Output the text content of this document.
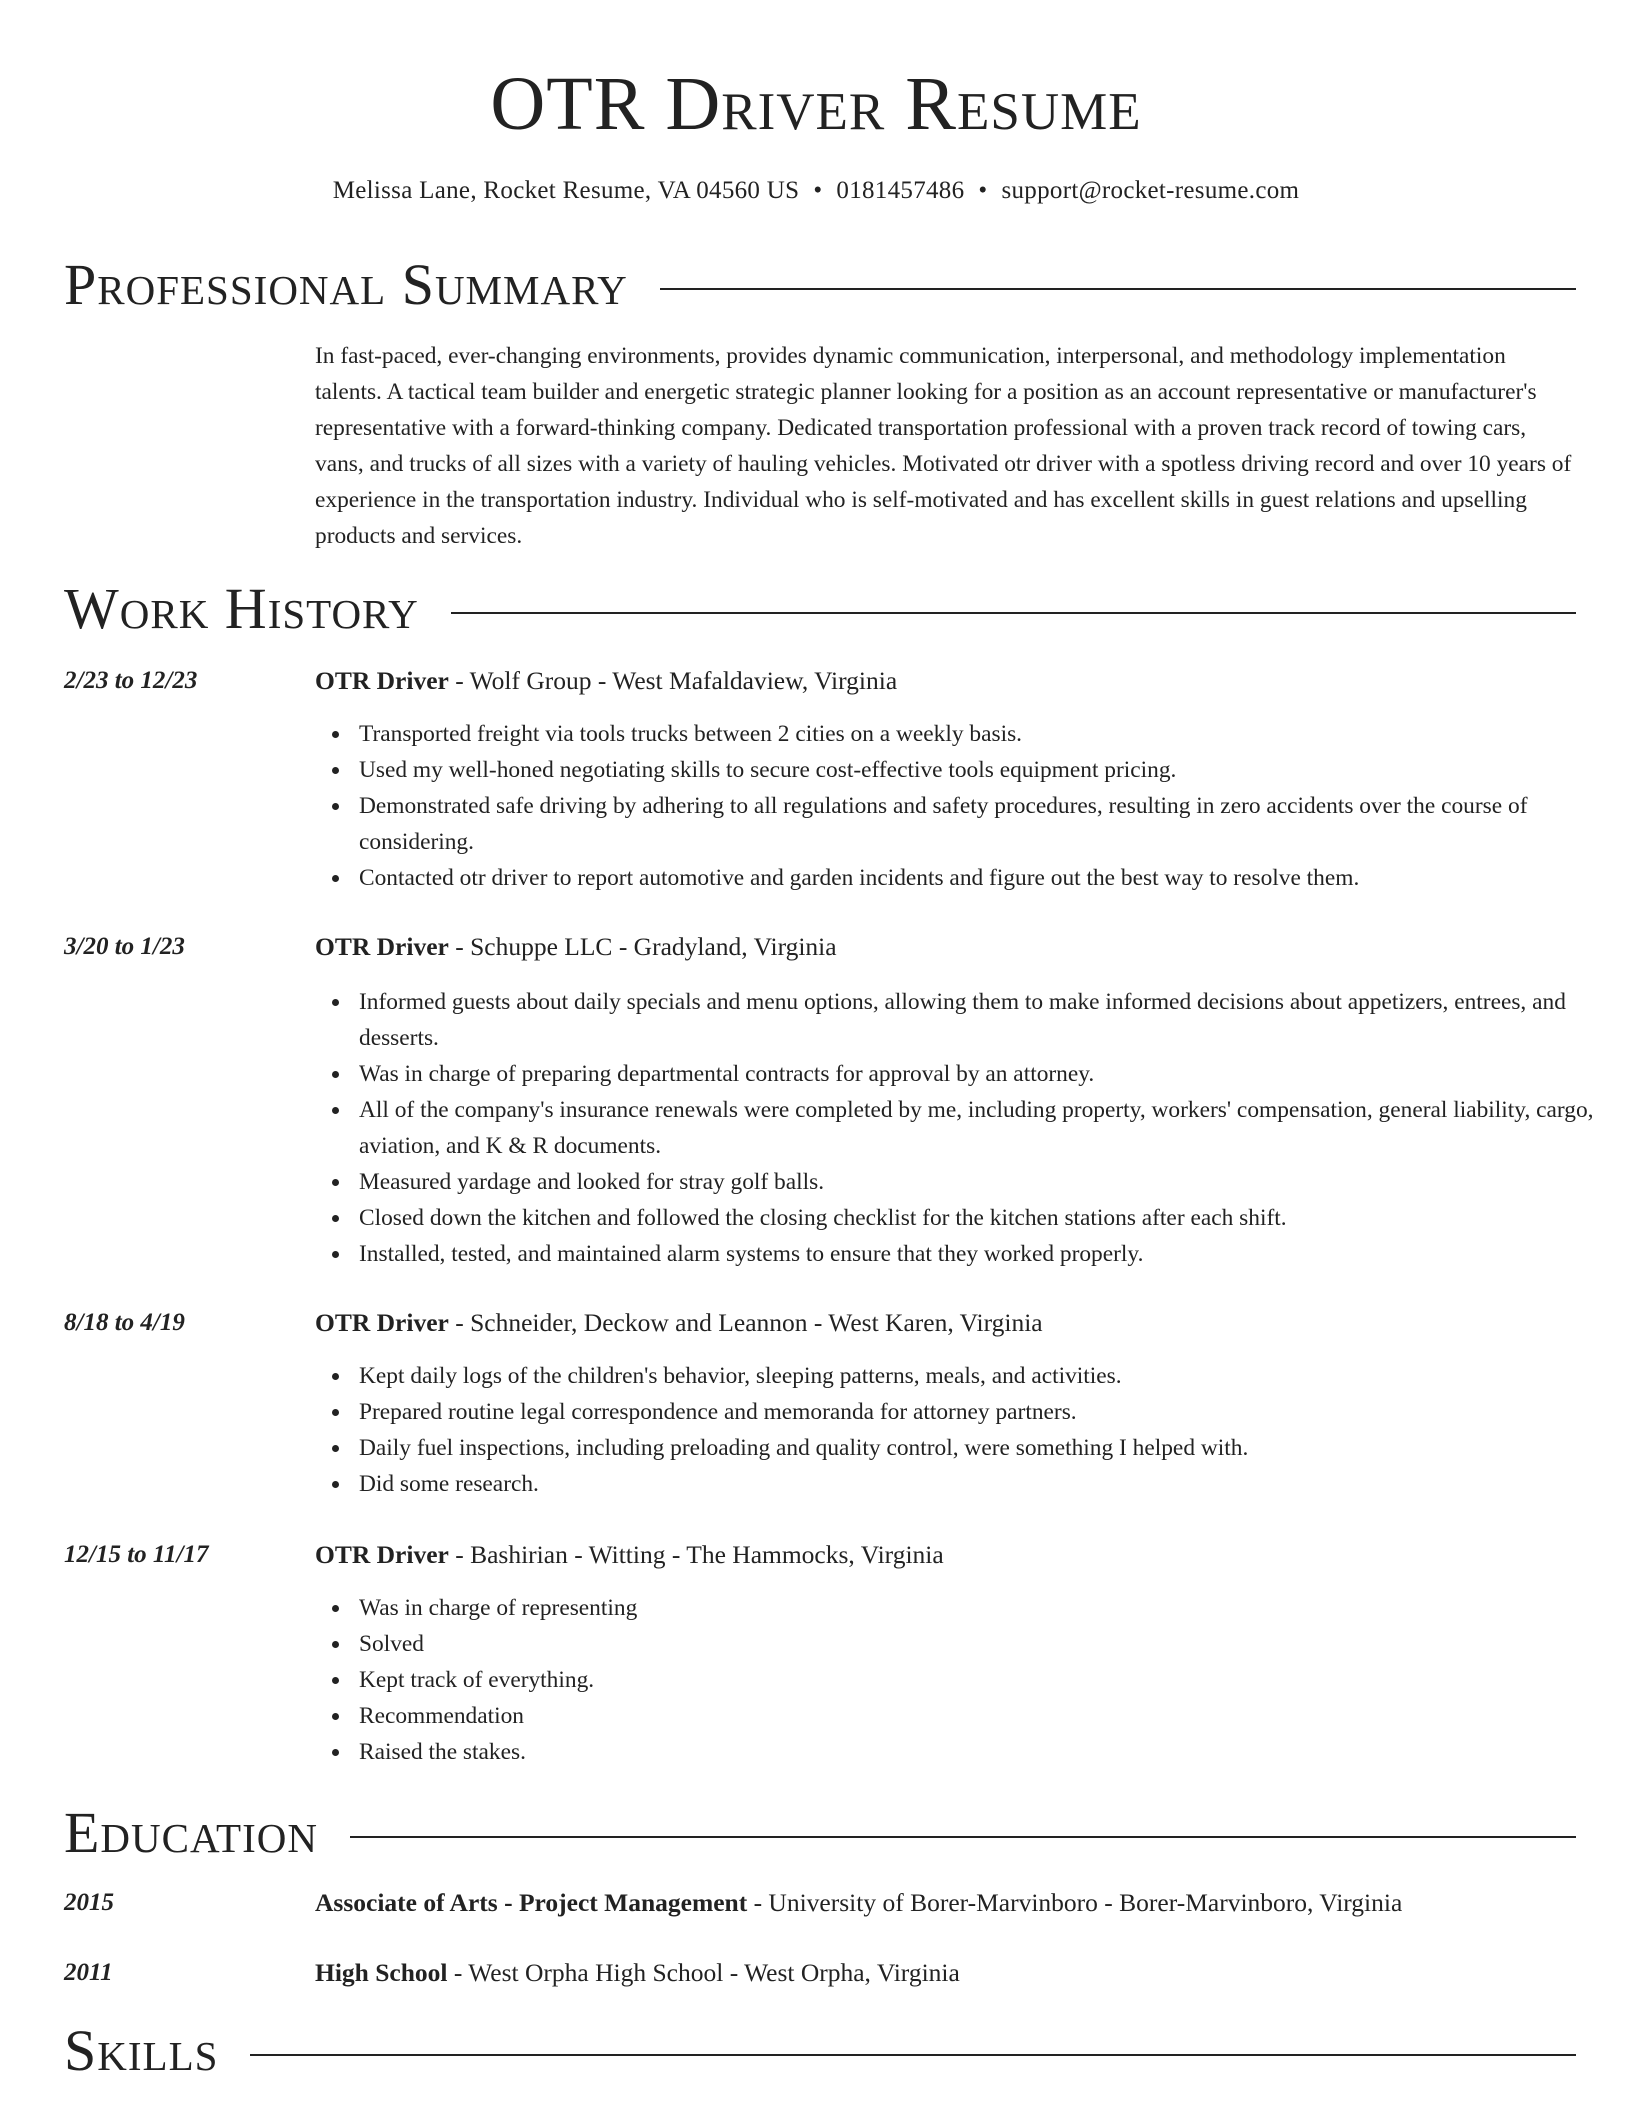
OTR Driver Resume
Melissa Lane, Rocket Resume, VA 04560 US • 0181457486 • support@rocket-resume.com
Professional Summary

In fast-paced, ever-changing environments, provides dynamic communication, interpersonal, and methodology implementation talents. A tactical team builder and energetic strategic planner looking for a position as an account representative or manufacturer's representative with a forward-thinking company. Dedicated transportation professional with a proven track record of towing cars, vans, and trucks of all sizes with a variety of hauling vehicles. Motivated otr driver with a spotless driving record and over 10 years of experience in the transportation industry. Individual who is self-motivated and has excellent skills in guest relations and upselling products and services.

Work History
2/23 to 12/23	OTR Driver - Wolf Group - West Mafaldaview, Virginia
Transported freight via tools trucks between 2 cities on a weekly basis.
Used my well-honed negotiating skills to secure cost-effective tools equipment pricing.
Demonstrated safe driving by adhering to all regulations and safety procedures, resulting in zero accidents over the course of considering.
Contacted otr driver to report automotive and garden incidents and figure out the best way to resolve them.
3/20 to 1/23	OTR Driver - Schuppe LLC - Gradyland, Virginia
Informed guests about daily specials and menu options, allowing them to make informed decisions about appetizers, entrees, and desserts.
Was in charge of preparing departmental contracts for approval by an attorney.
All of the company's insurance renewals were completed by me, including property, workers' compensation, general liability, cargo, aviation, and K & R documents.
Measured yardage and looked for stray golf balls.
Closed down the kitchen and followed the closing checklist for the kitchen stations after each shift.
Installed, tested, and maintained alarm systems to ensure that they worked properly.
8/18 to 4/19	OTR Driver - Schneider, Deckow and Leannon - West Karen, Virginia
Kept daily logs of the children's behavior, sleeping patterns, meals, and activities.
Prepared routine legal correspondence and memoranda for attorney partners.
Daily fuel inspections, including preloading and quality control, were something I helped with.
Did some research.
12/15 to 11/17	OTR Driver - Bashirian - Witting - The Hammocks, Virginia
Was in charge of representing
Solved
Kept track of everything.
Recommendation
Raised the stakes.
Education
2015	Associate of Arts - Project Management - University of Borer-Marvinboro - Borer-Marvinboro, Virginia
2011	High School - West Orpha High School - West Orpha, Virginia
Skills
